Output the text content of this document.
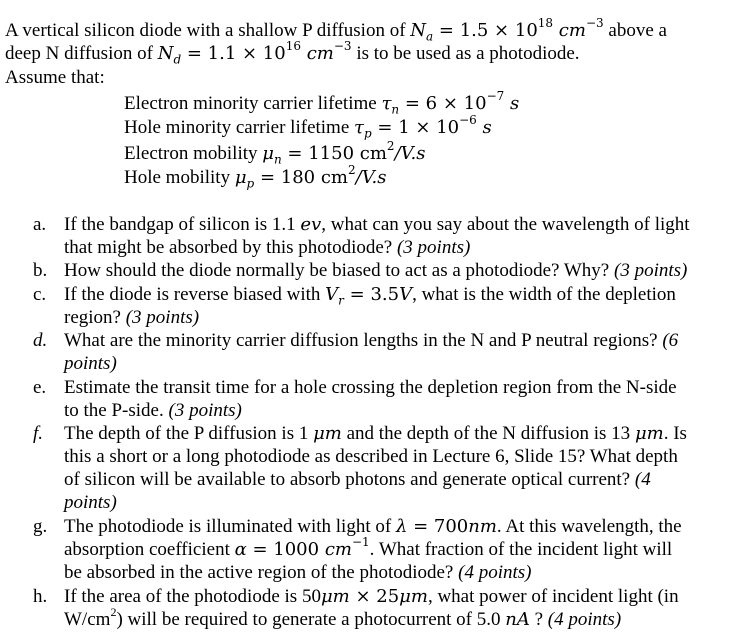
A vertical silicon diode with a shallow P diffusion of $N_a = 1.5 \times 10^{18}$ $cm^{-3}$ above a
deep N diffusion of $N_d = 1.1 \times 10^{16}$ $cm^{-3}$ is to be used as a photodiode.
Assume that:
Electron minority carrier lifetime $\tau_n = 6 \times 10^{-7}$ s
Hole minority carrier lifetime $\tau_p = 1 \times 10^{-6}$ s
Electron mobility $\mu_n = 1150$ $cm^2/V.s$
Hole mobility $\mu_p = 180$ $cm^2/V.s$
a. If the bandgap of silicon is 1.1 ev, what can you say about the wavelength of light
that might be absorbed by this photodiode? (3 points)
b. How should the diode normally be biased to act as a photodiode? Why? (3 points)
c. If the diode is reverse biased with $V_r = 3.5V$, what is the width of the depletion
region? (3 points)
d. What are the minority carrier diffusion lengths in the N and P neutral regions? (6
points)
e. Estimate the transit time for a hole crossing the depletion region from the N-side
to the P-side. (3 points)
f. The depth of the P diffusion is 1 μm and the depth of the N diffusion is 13 μm. Is
this a short or a long photodiode as described in Lecture 6, Slide 15? What depth
of silicon will be available to absorb photons and generate optical current? (4
points)
g. The photodiode is illuminated with light of λ = 700nm. At this wavelength, the
absorption coefficient α = 1000 $cm^{-1}$. What fraction of the incident light will
be absorbed in the active region of the photodiode? (4 points)
h. If the area of the photodiode is 50μm × 25μm, what power of incident light (in
$W/cm^2$) will be required to generate a photocurrent of 5.0 nA ? (4 points)
